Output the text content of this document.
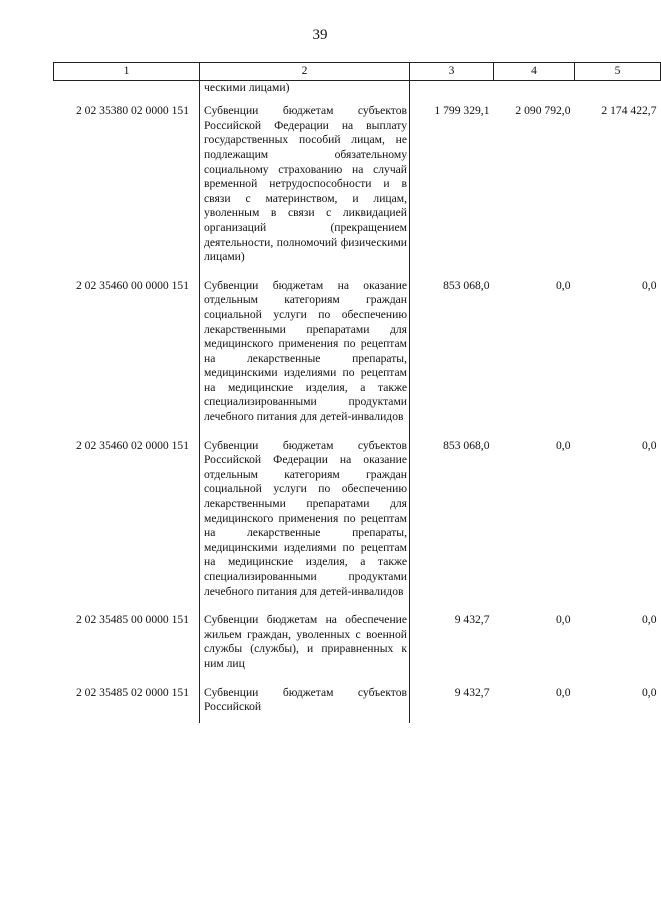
39
1	2	3	4	5
	ческими лицами)			
2 02 35380 02 0000 151	Субвенции бюджетам субъектов Российской Федерации на выплату государственных пособий лицам, не подлежащим обязательному социальному страхованию на случай временной нетрудоспособности и в связи с материнством, и лицам, уволенным в связи с ликвидацией организаций (прекращением деятельности, полномочий физическими лицами)	1 799 329,1	2 090 792,0	2 174 422,7
2 02 35460 00 0000 151	Субвенции бюджетам на оказание отдельным категориям граждан социальной услуги по обеспечению лекарственными препаратами для медицинского применения по рецептам на лекарственные препараты, медицинскими изделиями по рецептам на медицинские изделия, а также специализированными продуктами лечебного питания для детей-инвалидов	853 068,0	0,0	0,0
2 02 35460 02 0000 151	Субвенции бюджетам субъектов Российской Федерации на оказание отдельным категориям граждан социальной услуги по обеспечению лекарственными препаратами для медицинского применения по рецептам на лекарственные препараты, медицинскими изделиями по рецептам на медицинские изделия, а также специализированными продуктами лечебного питания для детей-инвалидов	853 068,0	0,0	0,0
2 02 35485 00 0000 151	Субвенции бюджетам на обеспечение жильем граждан, уволенных с военной службы (службы), и приравненных к ним лиц	9 432,7	0,0	0,0
2 02 35485 02 0000 151	Субвенции бюджетам субъектов Российской	9 432,7	0,0	0,0
